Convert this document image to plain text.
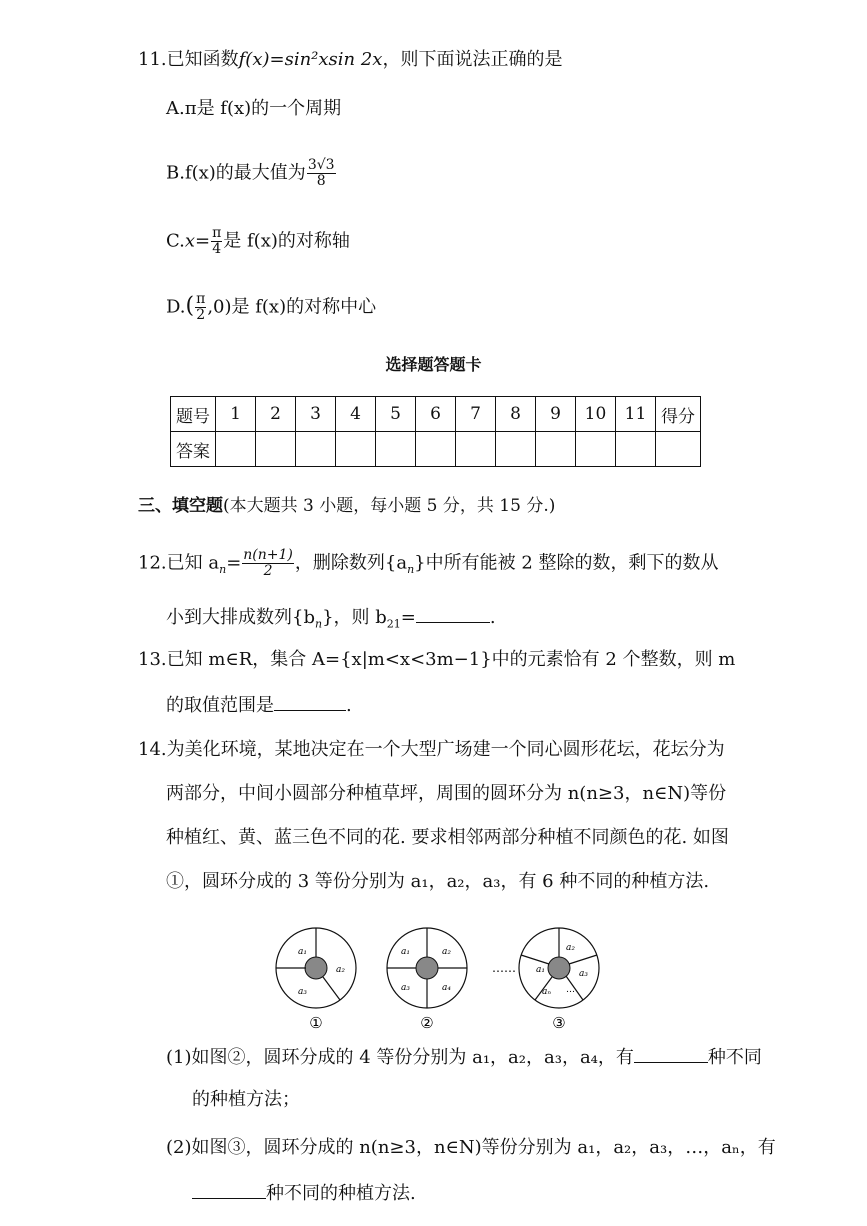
11.已知函数f(x)=sin²xsin 2x，则下面说法正确的是
A.π是 f(x)的一个周期
B.f(x)的最大值为 $\frac{3√3}{8}$
$C.x= \frac{\pi}{4}$ 是 f(x)的对称轴
$D.( \frac{\pi}{2} ,0)$是 f(x)的对称中心
选择题答题卡
题号	1	2	3	4	5	6	7	8	9	10	11	得分
答案												
三、填空题(本大题共 3 小题，每小题 5 分，共 15 分.)
12.已知 $a_n= \frac{n(n+1)}{2}$ ，删除数列$\{a_n\}$中所有能被 2 整除的数，剩下的数从
小到大排成数列$\{b_n\}$，则 $b_{21}=$	.
13.已知 m∈R，集合 A={x|m<x<3m−1}中的元素恰有 2 个整数，则 m
的取值范围是	.
14.为美化环境，某地决定在一个大型广场建一个同心圆形花坛，花坛分为
两部分，中间小圆部分种植草坪，周围的圆环分为 n(n≥3，n∈N)等份
种植红、黄、蓝三色不同的花. 要求相邻两部分种植不同颜色的花. 如图
①，圆环分成的 3 等份分别为 a₁，a₂，a₃，有 6 种不同的种植方法.
a₁
a₂
a₃
①
a₁	a₂
a₃	a₄
②
…… a₁
a₂
a₃
aₙ …
③
(1)如图②，圆环分成的 4 等份分别为 a₁，a₂，a₃，a₄，有	种不同
的种植方法；
(2)如图③，圆环分成的 n(n≥3，n∈N)等份分别为 a₁，a₂，a₃，…，aₙ，有
种不同的种植方法.
